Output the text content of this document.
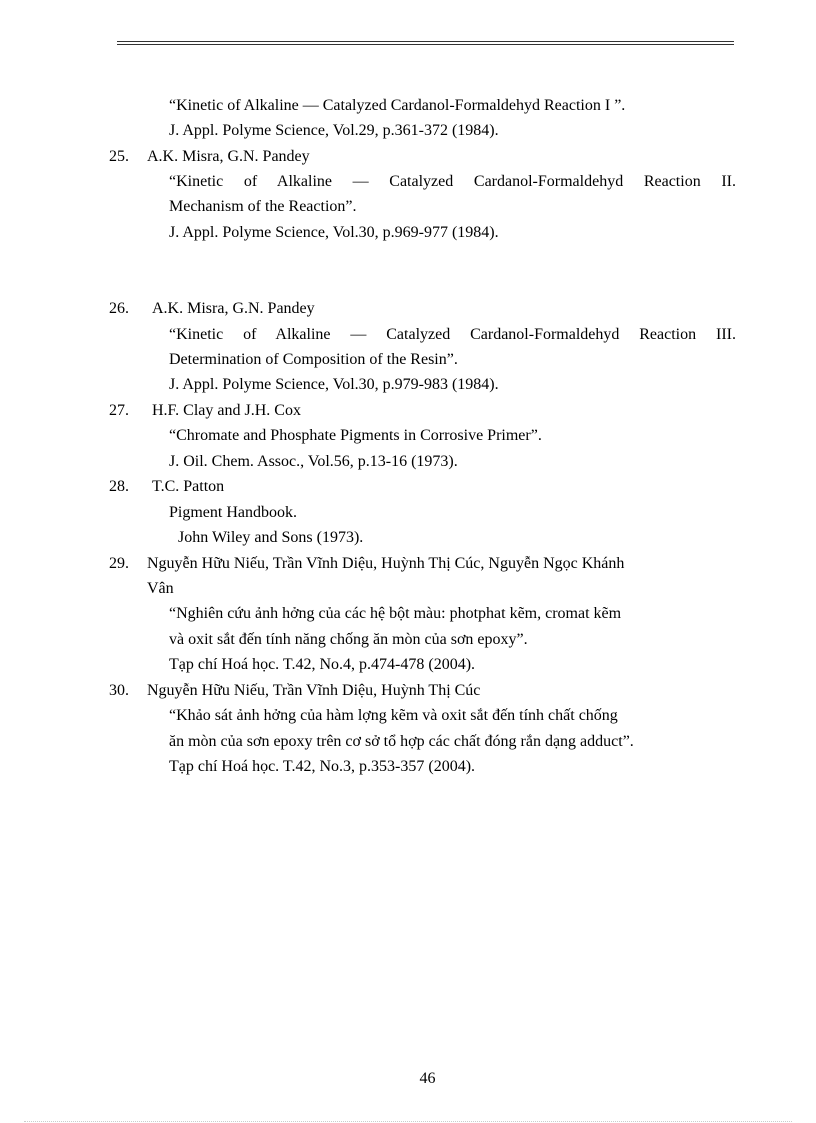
“Kinetic of Alkaline — Catalyzed Cardanol-Formaldehyd Reaction I ”.
J. Appl. Polyme Science, Vol.29, p.361-372 (1984).
25. A.K. Misra, G.N. Pandey
“Kinetic of Alkaline — Catalyzed Cardanol-Formaldehyd Reaction II.
Mechanism of the Reaction”.
J. Appl. Polyme Science, Vol.30, p.969-977 (1984).
26. A.K. Misra, G.N. Pandey
“Kinetic of Alkaline — Catalyzed Cardanol-Formaldehyd Reaction III.
Determination of Composition of the Resin”.
J. Appl. Polyme Science, Vol.30, p.979-983 (1984).
27. H.F. Clay and J.H. Cox
“Chromate and Phosphate Pigments in Corrosive Primer”.
J. Oil. Chem. Assoc., Vol.56, p.13-16 (1973).
28. T.C. Patton
Pigment Handbook.
John Wiley and Sons (1973).
29. Nguyễn Hữu Niếu, Trần Vĩnh Diệu, Huỳnh Thị Cúc, Nguyễn Ngọc Khánh
Vân
“Nghiên cứu ảnh hởng của các hệ bột màu: photphat kẽm, cromat kẽm
và oxit sắt đến tính năng chống ăn mòn của sơn epoxy”.
Tạp chí Hoá học. T.42, No.4, p.474-478 (2004).
30. Nguyễn Hữu Niếu, Trần Vĩnh Diệu, Huỳnh Thị Cúc
“Khảo sát ảnh hởng của hàm lợng kẽm và oxit sắt đến tính chất chống
ăn mòn của sơn epoxy trên cơ sở tổ hợp các chất đóng rắn dạng adduct”.
Tạp chí Hoá học. T.42, No.3, p.353-357 (2004).
46
